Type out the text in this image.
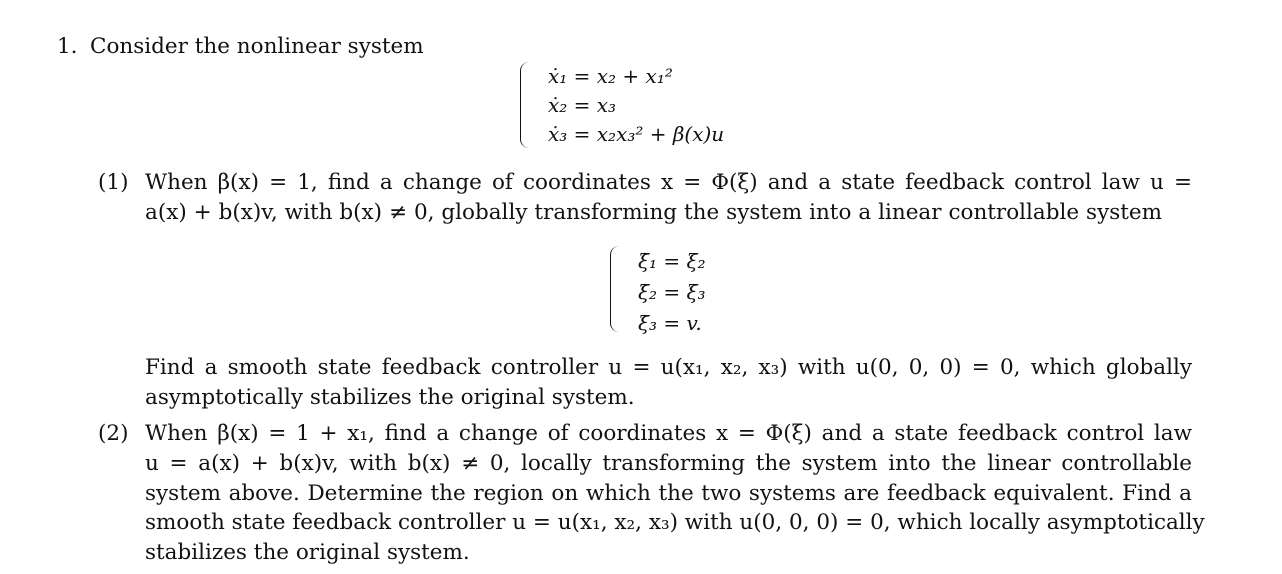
1. Consider the nonlinear system
ẋ₁ = x₂ + x₁²
ẋ₂ = x₃
ẋ₃ = x₂x₃² + β(x)u
(1) When β(x) = 1, find a change of coordinates x = Φ(ξ) and a state feedback control law u =
a(x) + b(x)v, with b(x) ≠ 0, globally transforming the system into a linear controllable system
ξ̇₁ = ξ₂
ξ̇₂ = ξ₃
ξ̇₃ = v.
Find a smooth state feedback controller u = u(x₁, x₂, x₃) with u(0, 0, 0) = 0, which globally
asymptotically stabilizes the original system.
(2) When β(x) = 1 + x₁, find a change of coordinates x = Φ(ξ) and a state feedback control law
u = a(x) + b(x)v, with b(x) ≠ 0, locally transforming the system into the linear controllable
system above. Determine the region on which the two systems are feedback equivalent. Find a
smooth state feedback controller u = u(x₁, x₂, x₃) with u(0, 0, 0) = 0, which locally asymptotically
stabilizes the original system.
